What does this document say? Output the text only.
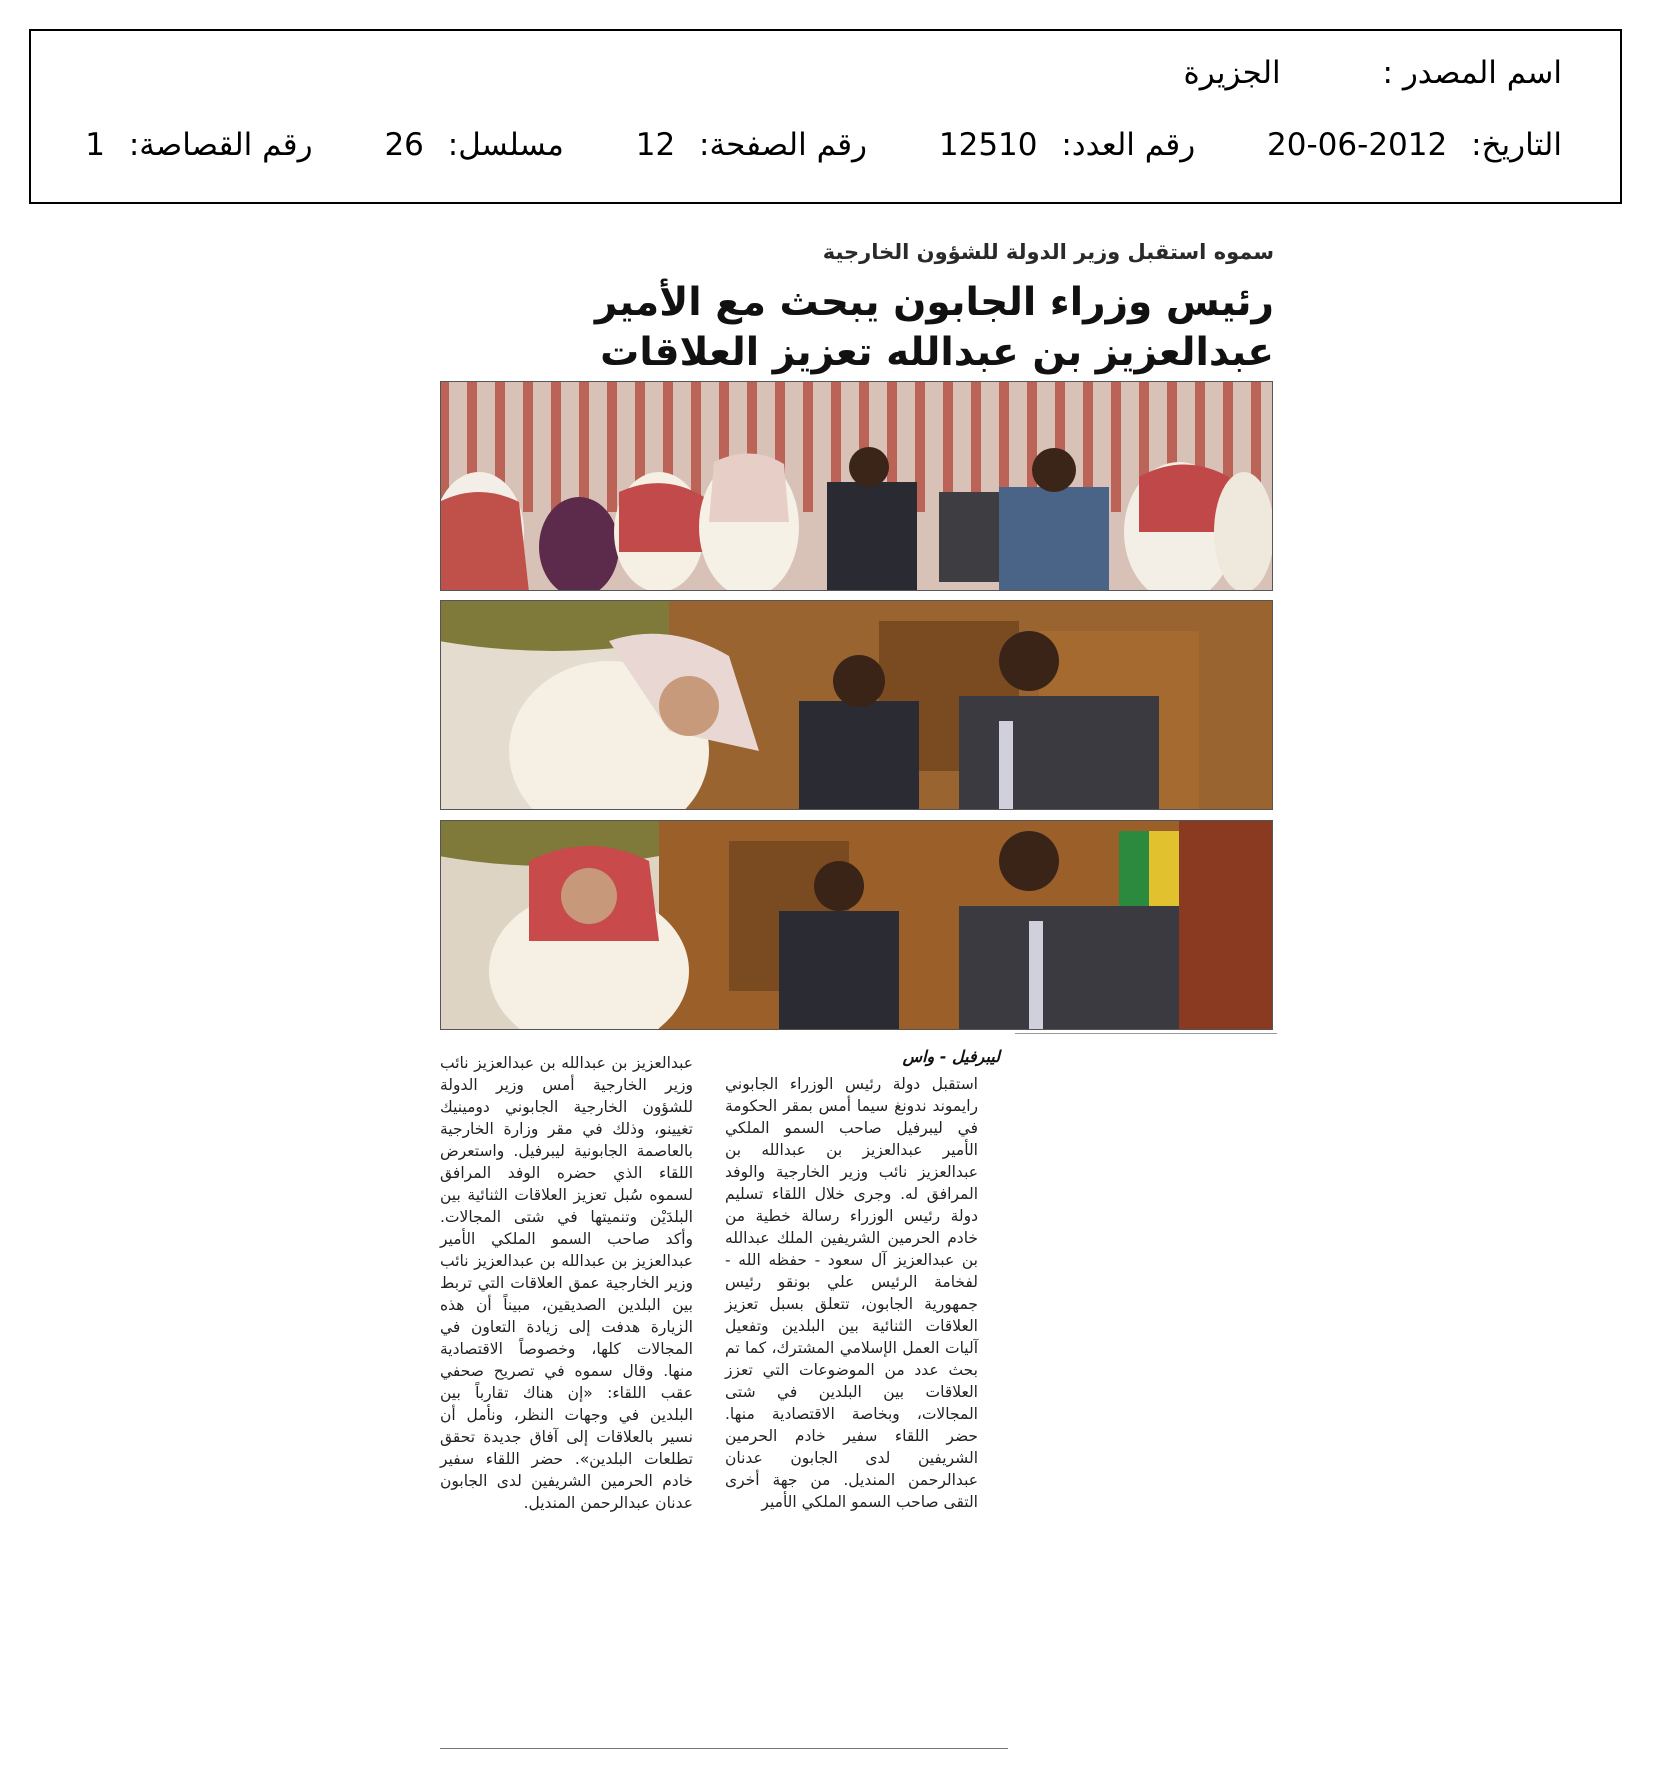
اسم المصدر : الجزيرة
التاريخ: 2012-06-20 رقم العدد: 12510 رقم الصفحة: 12 مسلسل: 26 رقم القصاصة: 1
سموه استقبل وزير الدولة للشؤون الخارجية
رئيس وزراء الجابون يبحث مع الأمير
عبدالعزيز بن عبدالله تعزيز العلاقات
ليبرفيل - واس

استقبل دولة رئيس الوزراء الجابوني رايموند ندونغ سيما أمس بمقر الحكومة في ليبرفيل صاحب السمو الملكي الأمير عبدالعزيز بن عبدالله بن عبدالعزيز نائب وزير الخارجية والوفد المرافق له. وجرى خلال اللقاء تسليم دولة رئيس الوزراء رسالة خطية من خادم الحرمين الشريفين الملك عبدالله بن عبدالعزيز آل سعود - حفظه الله - لفخامة الرئيس علي بونقو رئيس جمهورية الجابون، تتعلق بسبل تعزيز العلاقات الثنائية بين البلدين وتفعيل آليات العمل الإسلامي المشترك، كما تم بحث عدد من الموضوعات التي تعزز العلاقات بين البلدين في شتى المجالات، وبخاصة الاقتصادية منها. حضر اللقاء سفير خادم الحرمين الشريفين لدى الجابون عدنان عبدالرحمن المنديل. من جهة أخرى التقى صاحب السمو الملكي الأمير

عبدالعزيز بن عبدالله بن عبدالعزيز نائب وزير الخارجية أمس وزير الدولة للشؤون الخارجية الجابوني دومينيك تغيينو، وذلك في مقر وزارة الخارجية بالعاصمة الجابونية ليبرفيل. واستعرض اللقاء الذي حضره الوفد المرافق لسموه سُبل تعزيز العلاقات الثنائية بين البلدَيْن وتنميتها في شتى المجالات. وأكد صاحب السمو الملكي الأمير عبدالعزيز بن عبدالله بن عبدالعزيز نائب وزير الخارجية عمق العلاقات التي تربط بين البلدين الصديقين، مبيناً أن هذه الزيارة هدفت إلى زيادة التعاون في المجالات كلها، وخصوصاً الاقتصادية منها. وقال سموه في تصريح صحفي عقب اللقاء: «إن هناك تقارباً بين البلدين في وجهات النظر، ونأمل أن نسير بالعلاقات إلى آفاق جديدة تحقق تطلعات البلدين». حضر اللقاء سفير خادم الحرمين الشريفين لدى الجابون عدنان عبدالرحمن المنديل.
